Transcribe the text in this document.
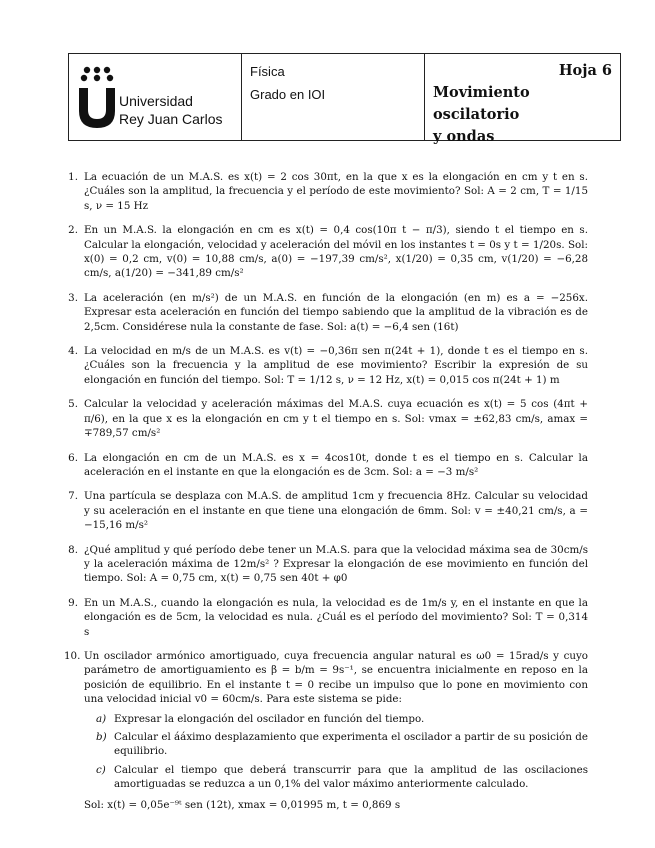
Universidad
Rey Juan Carlos
Física
Grado en IOI
Hoja 6
Movimiento oscilatorio
y ondas
1. La ecuación de un M.A.S. es x(t) = 2 cos 30πt, en la que x es la elongación en cm y t en s. ¿Cuáles son la amplitud, la frecuencia y el período de este movimiento? Sol: A = 2 cm, T = 1/15 s, ν = 15 Hz
2. En un M.A.S. la elongación en cm es x(t) = 0,4 cos(10π t − π/3), siendo t el tiempo en s. Calcular la elongación, velocidad y aceleración del móvil en los instantes t = 0s y t = 1/20s. Sol: x(0) = 0,2 cm, v(0) = 10,88 cm/s, a(0) = −197,39 cm/s², x(1/20) = 0,35 cm, v(1/20) = −6,28 cm/s, a(1/20) = −341,89 cm/s²
3. La aceleración (en m/s²) de un M.A.S. en función de la elongación (en m) es a = −256x. Expresar esta aceleración en función del tiempo sabiendo que la amplitud de la vibración es de 2,5cm. Considérese nula la constante de fase. Sol: a(t) = −6,4 sen (16t)
4. La velocidad en m/s de un M.A.S. es v(t) = −0,36π sen π(24t + 1), donde t es el tiempo en s. ¿Cuáles son la frecuencia y la amplitud de ese movimiento? Escribir la expresión de su elongación en función del tiempo. Sol: T = 1/12 s, ν = 12 Hz, x(t) = 0,015 cos π(24t + 1) m
5. Calcular la velocidad y aceleración máximas del M.A.S. cuya ecuación es x(t) = 5 cos (4πt + π/6), en la que x es la elongación en cm y t el tiempo en s. Sol: vmax = ±62,83 cm/s, amax = ∓789,57 cm/s²
6. La elongación en cm de un M.A.S. es x = 4cos10t, donde t es el tiempo en s. Calcular la aceleración en el instante en que la elongación es de 3cm. Sol: a = −3 m/s²
7. Una partícula se desplaza con M.A.S. de amplitud 1cm y frecuencia 8Hz. Calcular su velocidad y su aceleración en el instante en que tiene una elongación de 6mm. Sol: v = ±40,21 cm/s, a = −15,16 m/s²
8. ¿Qué amplitud y qué período debe tener un M.A.S. para que la velocidad máxima sea de 30cm/s y la aceleración máxima de 12m/s² ? Expresar la elongación de ese movimiento en función del tiempo. Sol: A = 0,75 cm, x(t) = 0,75 sen 40t + φ0
9. En un M.A.S., cuando la elongación es nula, la velocidad es de 1m/s y, en el instante en que la elongación es de 5cm, la velocidad es nula. ¿Cuál es el período del movimiento? Sol: T = 0,314 s
10. Un oscilador armónico amortiguado, cuya frecuencia angular natural es ω0 = 15rad/s y cuyo parámetro de amortiguamiento es β = b/m = 9s⁻¹, se encuentra inicialmente en reposo en la posición de equilibrio. En el instante t = 0 recibe un impulso que lo pone en movimiento con una velocidad inicial v0 = 60cm/s. Para este sistema se pide:
a) Expresar la elongación del oscilador en función del tiempo.
b) Calcular el ááximo desplazamiento que experimenta el oscilador a partir de su posición de equilibrio.
c) Calcular el tiempo que deberá transcurrir para que la amplitud de las oscilaciones amortiguadas se reduzca a un 0,1% del valor máximo anteriormente calculado.
Sol: x(t) = 0,05e⁻⁹ᵗ sen (12t), xmax = 0,01995 m, t = 0,869 s
